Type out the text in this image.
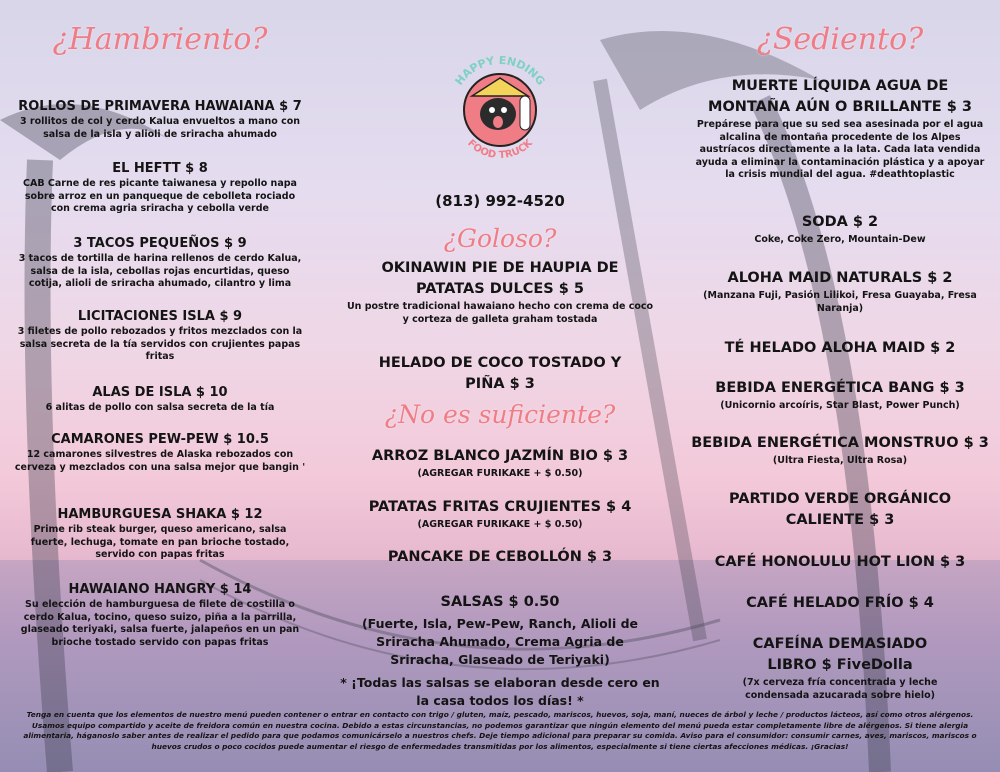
¿Hambriento?
ROLLOS DE PRIMAVERA HAWAIANA $ 7
3 rollitos de col y cerdo Kalua envueltos a mano con salsa de la isla y alioli de sriracha ahumado
EL HEFTT $ 8
CAB Carne de res picante taiwanesa y repollo napa sobre arroz en un panqueque de cebolleta rociado con crema agria sriracha y cebolla verde
3 TACOS PEQUEÑOS $ 9
3 tacos de tortilla de harina rellenos de cerdo Kalua, salsa de la isla, cebollas rojas encurtidas, queso cotija, alioli de sriracha ahumado, cilantro y lima
LICITACIONES ISLA $ 9
3 filetes de pollo rebozados y fritos mezclados con la salsa secreta de la tía servidos con crujientes papas fritas
ALAS DE ISLA $ 10
6 alitas de pollo con salsa secreta de la tía
CAMARONES PEW-PEW $ 10.5
12 camarones silvestres de Alaska rebozados con cerveza y mezclados con una salsa mejor que bangin '
HAMBURGUESA SHAKA $ 12
Prime rib steak burger, queso americano, salsa fuerte, lechuga, tomate en pan brioche tostado, servido con papas fritas
HAWAIANO HANGRY $ 14
Su elección de hamburguesa de filete de costilla o cerdo Kalua, tocino, queso suizo, piña a la parrilla, glaseado teriyaki, salsa fuerte, jalapeños en un pan brioche tostado servido con papas fritas
HAPPY ENDING
FOOD TRUCK
(813) 992-4520
¿Goloso?
OKINAWIN PIE DE HAUPIA DE PATATAS DULCES $ 5
Un postre tradicional hawaiano hecho con crema de coco y corteza de galleta graham tostada
HELADO DE COCO TOSTADO Y PIÑA $ 3
¿No es suficiente?
ARROZ BLANCO JAZMÍN BIO $ 3
(AGREGAR FURIKAKE + $ 0.50)
PATATAS FRITAS CRUJIENTES $ 4
(AGREGAR FURIKAKE + $ 0.50)
PANCAKE DE CEBOLLÓN $ 3
SALSAS $ 0.50
(Fuerte, Isla, Pew-Pew, Ranch, Alioli de Sriracha Ahumado, Crema Agria de Sriracha, Glaseado de Teriyaki)
* ¡Todas las salsas se elaboran desde cero en la casa todos los días! *
¿Sediento?
MUERTE LÍQUIDA AGUA DE MONTAÑA AÚN O BRILLANTE $ 3
Prepárese para que su sed sea asesinada por el agua alcalina de montaña procedente de los Alpes austríacos directamente a la lata. Cada lata vendida ayuda a eliminar la contaminación plástica y a apoyar la crisis mundial del agua. #deathtoplastic
SODA $ 2
Coke, Coke Zero, Mountain-Dew
ALOHA MAID NATURALS $ 2
(Manzana Fuji, Pasión Lilikoi, Fresa Guayaba, Fresa Naranja)
TÉ HELADO ALOHA MAID $ 2
BEBIDA ENERGÉTICA BANG $ 3
(Unicornio arcoíris, Star Blast, Power Punch)
BEBIDA ENERGÉTICA MONSTRUO $ 3
(Ultra Fiesta, Ultra Rosa)
PARTIDO VERDE ORGÁNICO CALIENTE $ 3
CAFÉ HONOLULU HOT LION $ 3
CAFÉ HELADO FRÍO $ 4
CAFEÍNA DEMASIADO LIBRO $ FiveDolla
(7x cerveza fría concentrada y leche condensada azucarada sobre hielo)
Tenga en cuenta que los elementos de nuestro menú pueden contener o entrar en contacto con trigo / gluten, maíz, pescado, mariscos, huevos, soja, maní, nueces de árbol y leche / productos lácteos, así como otros alérgenos. Usamos equipo compartido y aceite de freidora común en nuestra cocina. Debido a estas circunstancias, no podemos garantizar que ningún elemento del menú pueda estar completamente libre de alérgenos. Si tiene alergia alimentaria, háganoslo saber antes de realizar el pedido para que podamos comunicárselo a nuestros chefs. Deje tiempo adicional para preparar su comida. Aviso para el consumidor: consumir carnes, aves, mariscos, mariscos o huevos crudos o poco cocidos puede aumentar el riesgo de enfermedades transmitidas por los alimentos, especialmente si tiene ciertas afecciones médicas. ¡Gracias!
